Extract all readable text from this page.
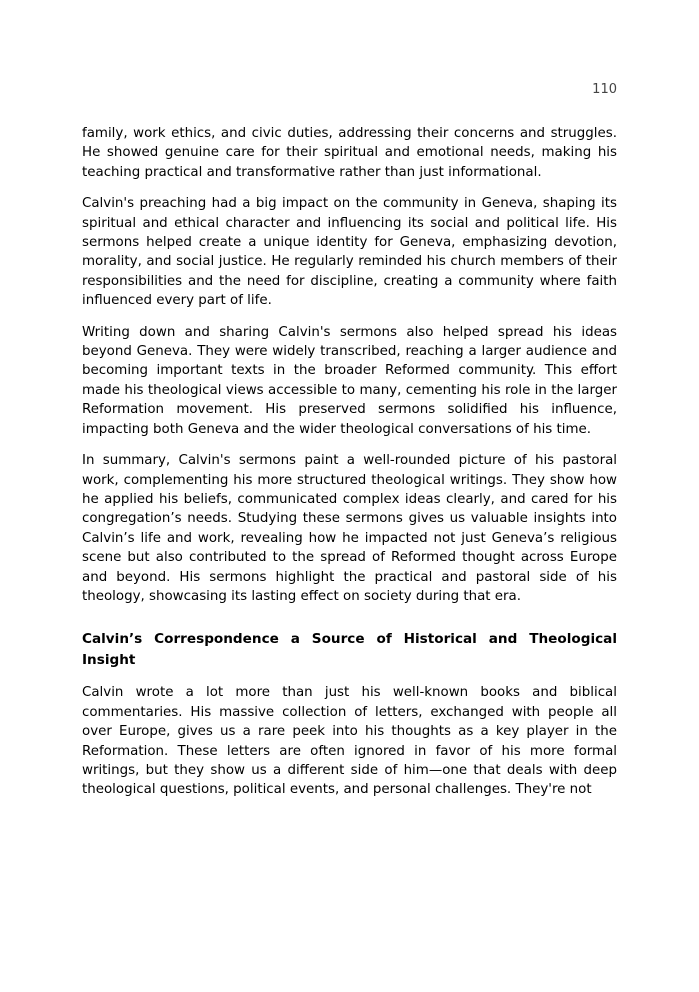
110

family, work ethics, and civic duties, addressing their concerns and struggles. He showed genuine care for their spiritual and emotional needs, making his teaching practical and transformative rather than just informational.

Calvin's preaching had a big impact on the community in Geneva, shaping its spiritual and ethical character and influencing its social and political life. His sermons helped create a unique identity for Geneva, emphasizing devotion, morality, and social justice. He regularly reminded his church members of their responsibilities and the need for discipline, creating a community where faith influenced every part of life.

Writing down and sharing Calvin's sermons also helped spread his ideas beyond Geneva. They were widely transcribed, reaching a larger audience and becoming important texts in the broader Reformed community. This effort made his theological views accessible to many, cementing his role in the larger Reformation movement. His preserved sermons solidified his influence, impacting both Geneva and the wider theological conversations of his time.

In summary, Calvin's sermons paint a well-rounded picture of his pastoral work, complementing his more structured theological writings. They show how he applied his beliefs, communicated complex ideas clearly, and cared for his congregation’s needs. Studying these sermons gives us valuable insights into Calvin’s life and work, revealing how he impacted not just Geneva’s religious scene but also contributed to the spread of Reformed thought across Europe and beyond. His sermons highlight the practical and pastoral side of his theology, showcasing its lasting effect on society during that era.

Calvin’s Correspondence a Source of Historical and Theological Insight

Calvin wrote a lot more than just his well-known books and biblical commentaries. His massive collection of letters, exchanged with people all over Europe, gives us a rare peek into his thoughts as a key player in the Reformation. These letters are often ignored in favor of his more formal writings, but they show us a different side of him—one that deals with deep theological questions, political events, and personal challenges. They're not
